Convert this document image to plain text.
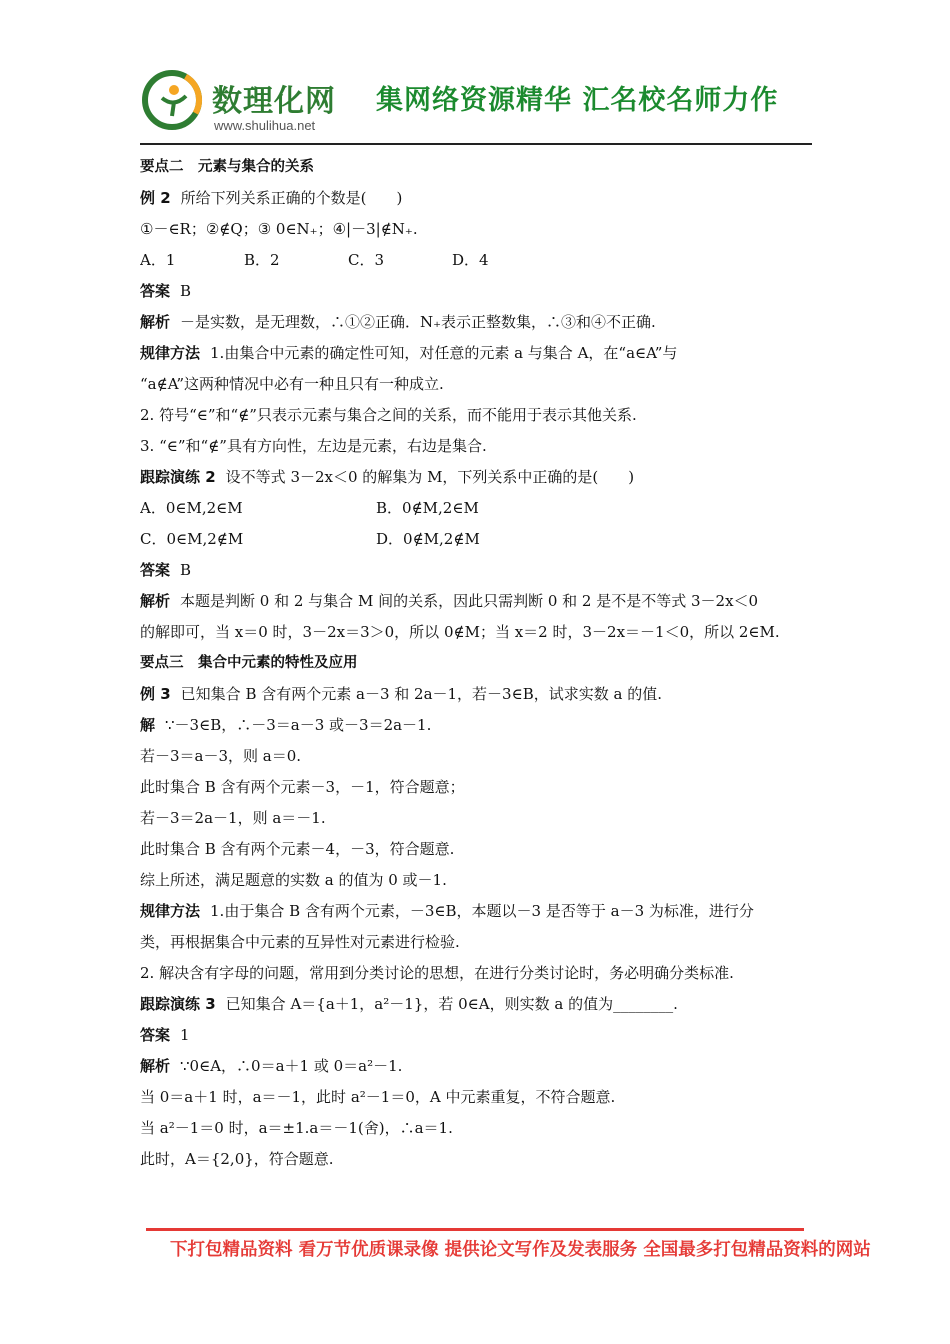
数理化网
www.shulihua.net
集网络资源精华 汇名校名师力作
要点二　元素与集合的关系
例 2 所给下列关系正确的个数是(　　)
①－∈R；②∉Q；③ 0∈N₊；④|－3|∉N₊.
A．1	B．2	C．3	D．4
答案 B
解析 －是实数，是无理数，∴①②正确．N₊表示正整数集，∴③和④不正确.
规律方法 1.由集合中元素的确定性可知，对任意的元素 a 与集合 A，在“a∈A”与
“a∉A”这两种情况中必有一种且只有一种成立.
2. 符号“∈”和“∉”只表示元素与集合之间的关系，而不能用于表示其他关系.
3. “∈”和“∉”具有方向性，左边是元素，右边是集合.
跟踪演练 2 设不等式 3－2x＜0 的解集为 M，下列关系中正确的是(　　)
A．0∈M,2∈M	B．0∉M,2∈M
C．0∈M,2∉M	D．0∉M,2∉M
答案 B
解析 本题是判断 0 和 2 与集合 M 间的关系，因此只需判断 0 和 2 是不是不等式 3－2x＜0
的解即可，当 x＝0 时，3－2x＝3＞0，所以 0∉M；当 x＝2 时，3－2x＝－1＜0，所以 2∈M.
要点三　集合中元素的特性及应用
例 3 已知集合 B 含有两个元素 a－3 和 2a－1，若－3∈B，试求实数 a 的值.
解 ∵－3∈B，∴－3＝a－3 或－3＝2a－1.
若－3＝a－3，则 a＝0.
此时集合 B 含有两个元素－3，－1，符合题意；
若－3＝2a－1，则 a＝－1.
此时集合 B 含有两个元素－4，－3，符合题意.
综上所述，满足题意的实数 a 的值为 0 或－1.
规律方法 1.由于集合 B 含有两个元素，－3∈B，本题以－3 是否等于 a－3 为标准，进行分
类，再根据集合中元素的互异性对元素进行检验.
2. 解决含有字母的问题，常用到分类讨论的思想，在进行分类讨论时，务必明确分类标准.
跟踪演练 3 已知集合 A＝{a＋1，a²－1}，若 0∈A，则实数 a 的值为________.
答案 1
解析 ∵0∈A，∴0＝a＋1 或 0＝a²－1.
当 0＝a＋1 时，a＝－1，此时 a²－1＝0，A 中元素重复，不符合题意.
当 a²－1＝0 时，a＝±1.a＝－1(舍)，∴a＝1.
此时，A＝{2,0}，符合题意.
下打包精品资料 看万节优质课录像 提供论文写作及发表服务 全国最多打包精品资料的网站
